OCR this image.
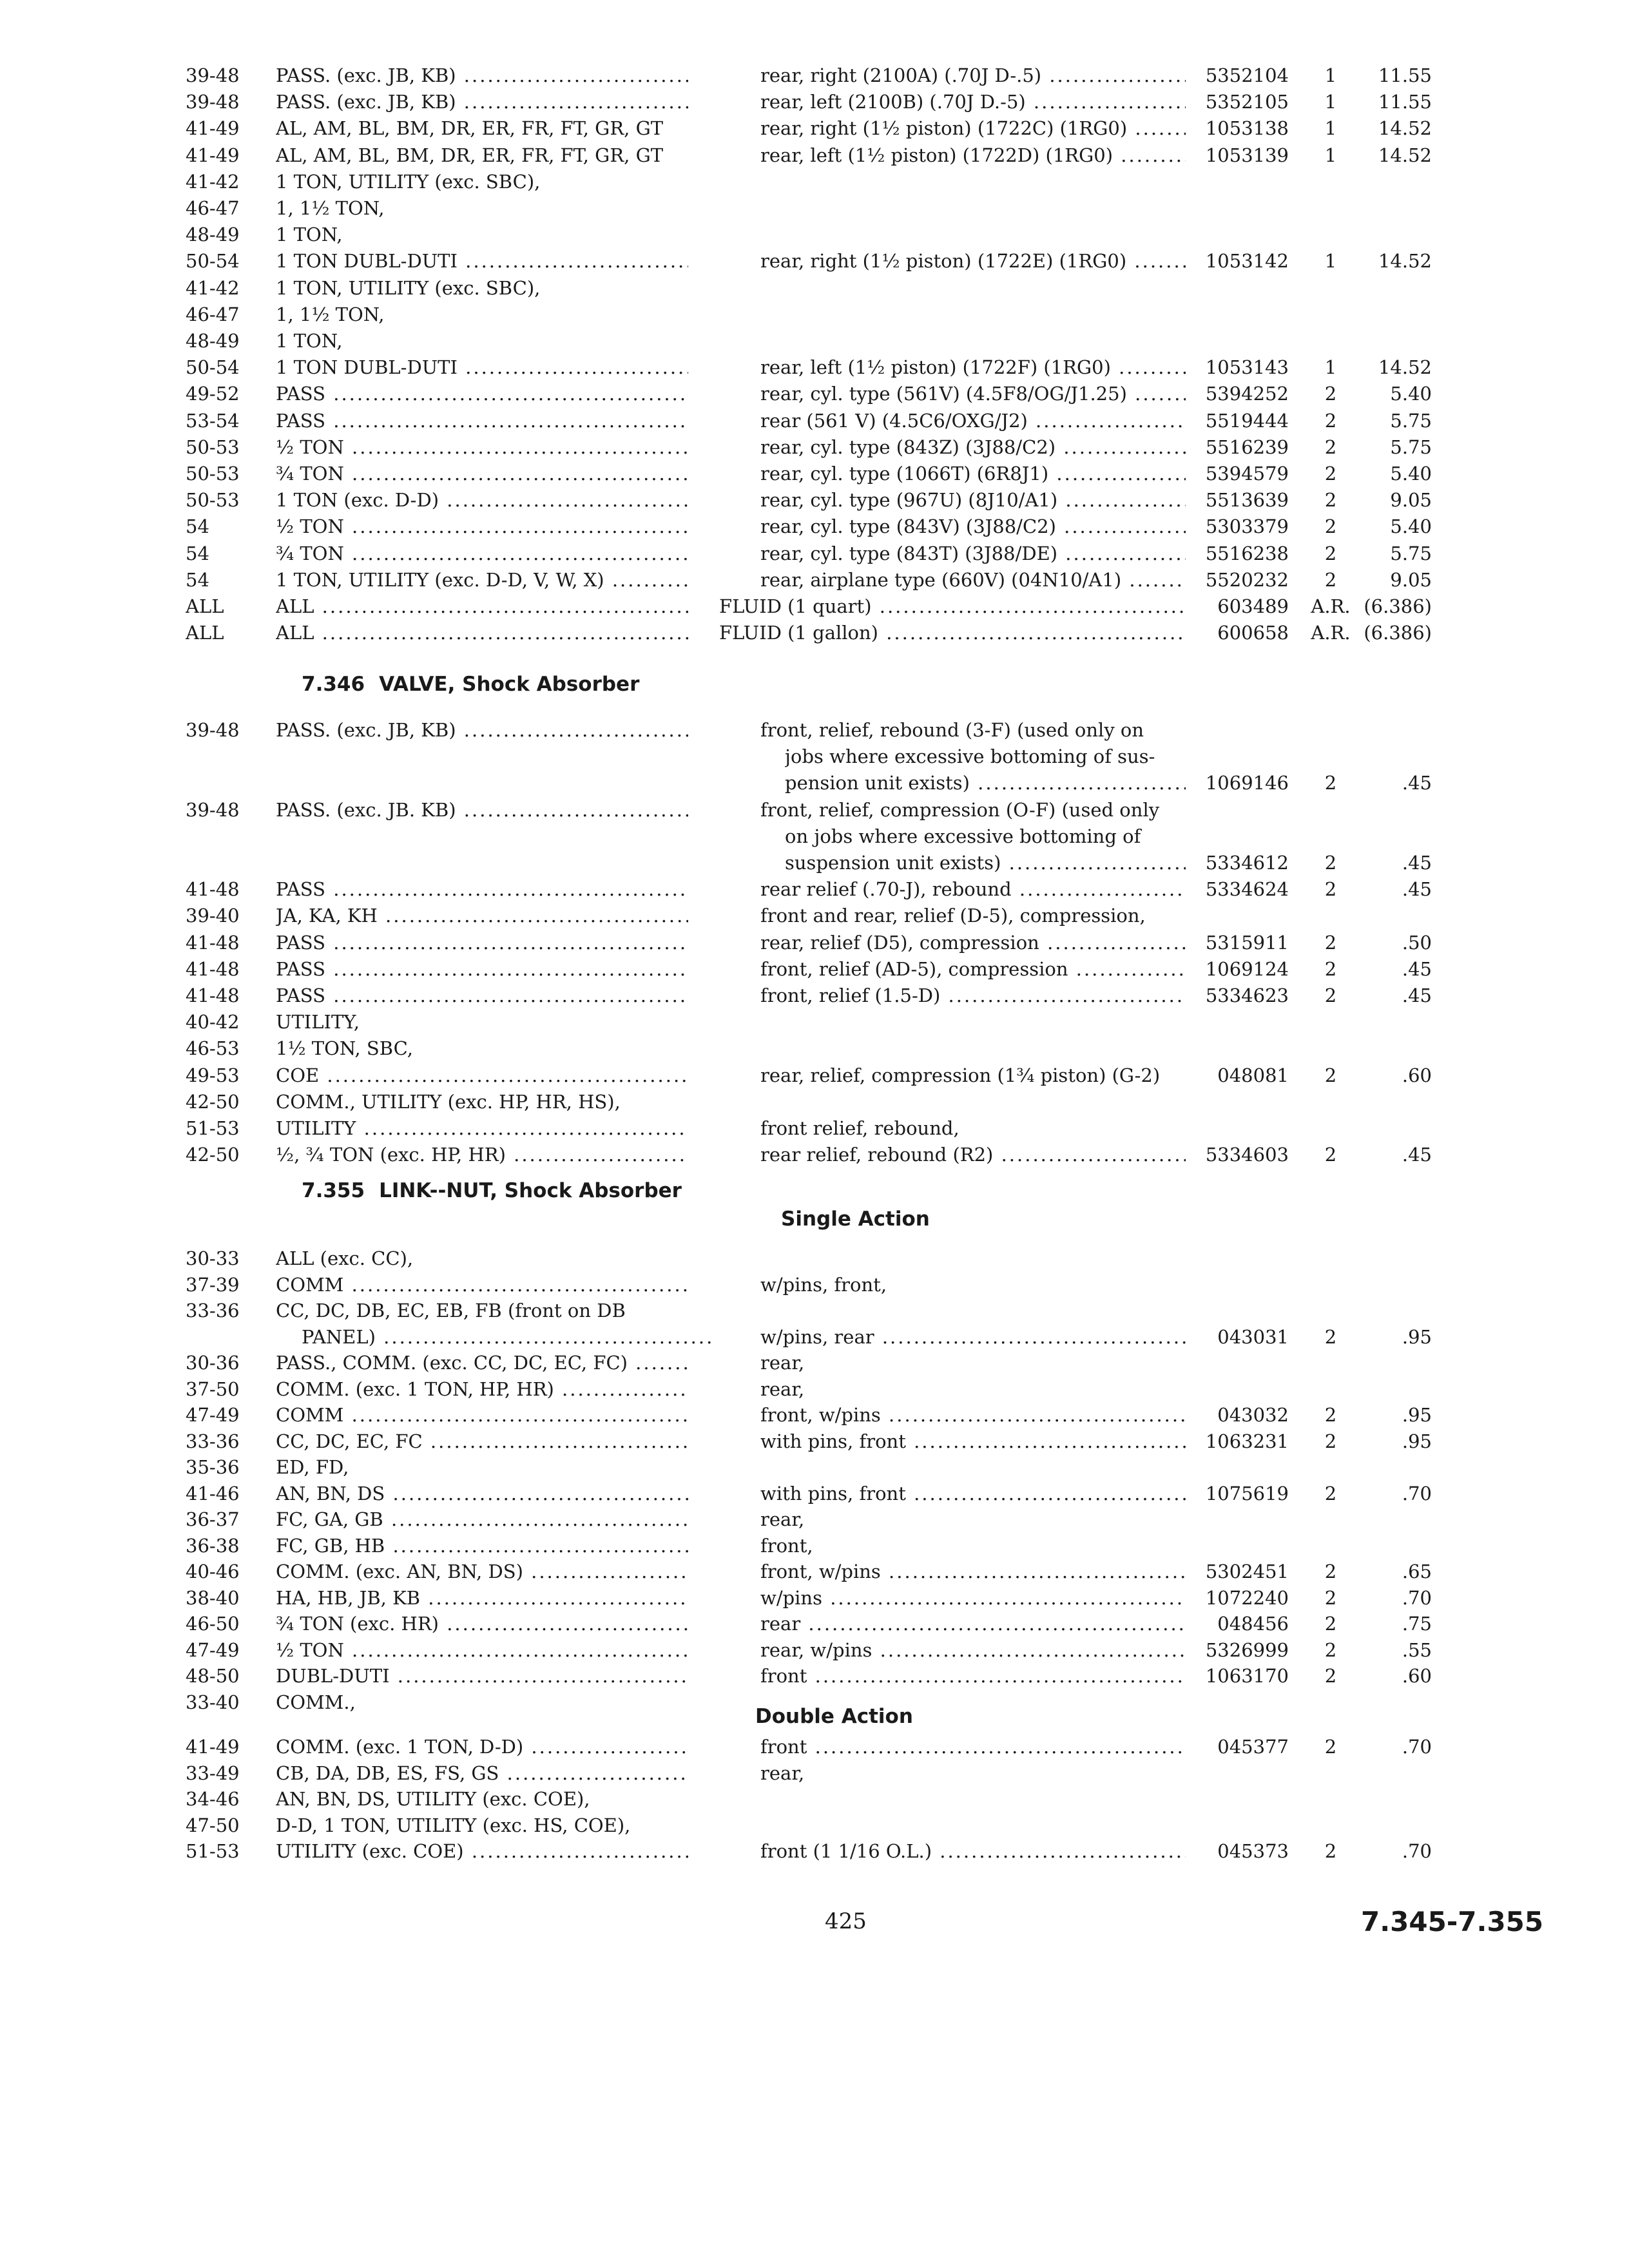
39-48	PASS. (exc. JB, KB) .....	rear, right (2100A) (.70J D-.5) .....	5352104	1	11.55
39-48	PASS. (exc. JB, KB) .....	rear, left (2100B) (.70J D.-5) .....	5352105	1	11.55
41-49	AL, AM, BL, BM, DR, ER, FR, FT, GR, GT	rear, right (1½ piston) (1722C) (1RG0) .....	1053138	1	14.52
41-49	AL, AM, BL, BM, DR, ER, FR, FT, GR, GT	rear, left (1½ piston) (1722D) (1RG0) .....	1053139	1	14.52
41-42	1 TON, UTILITY (exc. SBC),
46-47	1, 1½ TON,
48-49	1 TON,
50-54	1 TON DUBL-DUTI .....	rear, right (1½ piston) (1722E) (1RG0) .....	1053142	1	14.52
41-42	1 TON, UTILITY (exc. SBC),
46-47	1, 1½ TON,
48-49	1 TON,
50-54	1 TON DUBL-DUTI .....	rear, left (1½ piston) (1722F) (1RG0) .....	1053143	1	14.52
49-52	PASS .....	rear, cyl. type (561V) (4.5F8/OG/J1.25) .....	5394252	2	5.40
53-54	PASS .....	rear (561 V) (4.5C6/OXG/J2) .....	5519444	2	5.75
50-53	½ TON .....	rear, cyl. type (843Z) (3J88/C2) .....	5516239	2	5.75
50-53	¾ TON .....	rear, cyl. type (1066T) (6R8J1) .....	5394579	2	5.40
50-53	1 TON (exc. D-D) .....	rear, cyl. type (967U) (8J10/A1) .....	5513639	2	9.05
54	½ TON .....	rear, cyl. type (843V) (3J88/C2) .....	5303379	2	5.40
54	¾ TON .....	rear, cyl. type (843T) (3J88/DE) .....	5516238	2	5.75
54	1 TON, UTILITY (exc. D-D, V, W, X) .....	rear, airplane type (660V) (04N10/A1) .....	5520232	2	9.05
ALL	ALL .....	FLUID (1 quart) .....	603489	A.R. (6.386)
ALL	ALL .....	FLUID (1 gallon) .....	600658	A.R. (6.386)
7.346 VALVE, Shock Absorber
39-48	PASS. (exc. JB, KB) .....	front, relief, rebound (3-F) (used only on
jobs where excessive bottoming of sus-
pension unit exists) .....	1069146	2	.45
39-48	PASS. (exc. JB. KB) .....	front, relief, compression (O-F) (used only
on jobs where excessive bottoming of
suspension unit exists) .....	5334612	2	.45
41-48	PASS .....	rear relief (.70-J), rebound .....	5334624	2	.45
39-40	JA, KA, KH .....	front and rear, relief (D-5), compression,
41-48	PASS .....	rear, relief (D5), compression .....	5315911	2	.50
41-48	PASS .....	front, relief (AD-5), compression .....	1069124	2	.45
41-48	PASS .....	front, relief (1.5-D) .....	5334623	2	.45
40-42	UTILITY,
46-53	1½ TON, SBC,
49-53	COE .....	rear, relief, compression (1¾ piston) (G-2)	048081	2	.60
42-50	COMM., UTILITY (exc. HP, HR, HS),
51-53	UTILITY .....	front relief, rebound,
42-50	½, ¾ TON (exc. HP, HR) .....	rear relief, rebound (R2) .....	5334603	2	.45
7.355 LINK--NUT, Shock Absorber
Single Action
Double Action
30-33	ALL (exc. CC),
37-39	COMM .....	w/pins, front,
33-36	CC, DC, DB, EC, EB, FB (front on DB
PANEL) .....	w/pins, rear .....	043031	2	.95
30-36	PASS., COMM. (exc. CC, DC, EC, FC) .....	rear,
37-50	COMM. (exc. 1 TON, HP, HR) .....	rear,
47-49	COMM .....	front, w/pins .....	043032	2	.95
33-36	CC, DC, EC, FC .....	with pins, front .....	1063231	2	.95
35-36	ED, FD,
41-46	AN, BN, DS .....	with pins, front .....	1075619	2	.70
36-37	FC, GA, GB .....	rear,
36-38	FC, GB, HB .....	front,
40-46	COMM. (exc. AN, BN, DS) .....	front, w/pins .....	5302451	2	.65
38-40	HA, HB, JB, KB .....	w/pins .....	1072240	2	.70
46-50	¾ TON (exc. HR) .....	rear .....	048456	2	.75
47-49	½ TON .....	rear, w/pins .....	5326999	2	.55
48-50	DUBL-DUTI .....	front .....	1063170	2	.60
33-40	COMM.,
41-49	COMM. (exc. 1 TON, D-D) .....	front .....	045377	2	.70
33-49	CB, DA, DB, ES, FS, GS .....	rear,
34-46	AN, BN, DS, UTILITY (exc. COE),
47-50	D-D, 1 TON, UTILITY (exc. HS, COE),
51-53	UTILITY (exc. COE) .....	front (1 1/16 O.L.) .....	045373	2	.70
425	7.345-7.355
